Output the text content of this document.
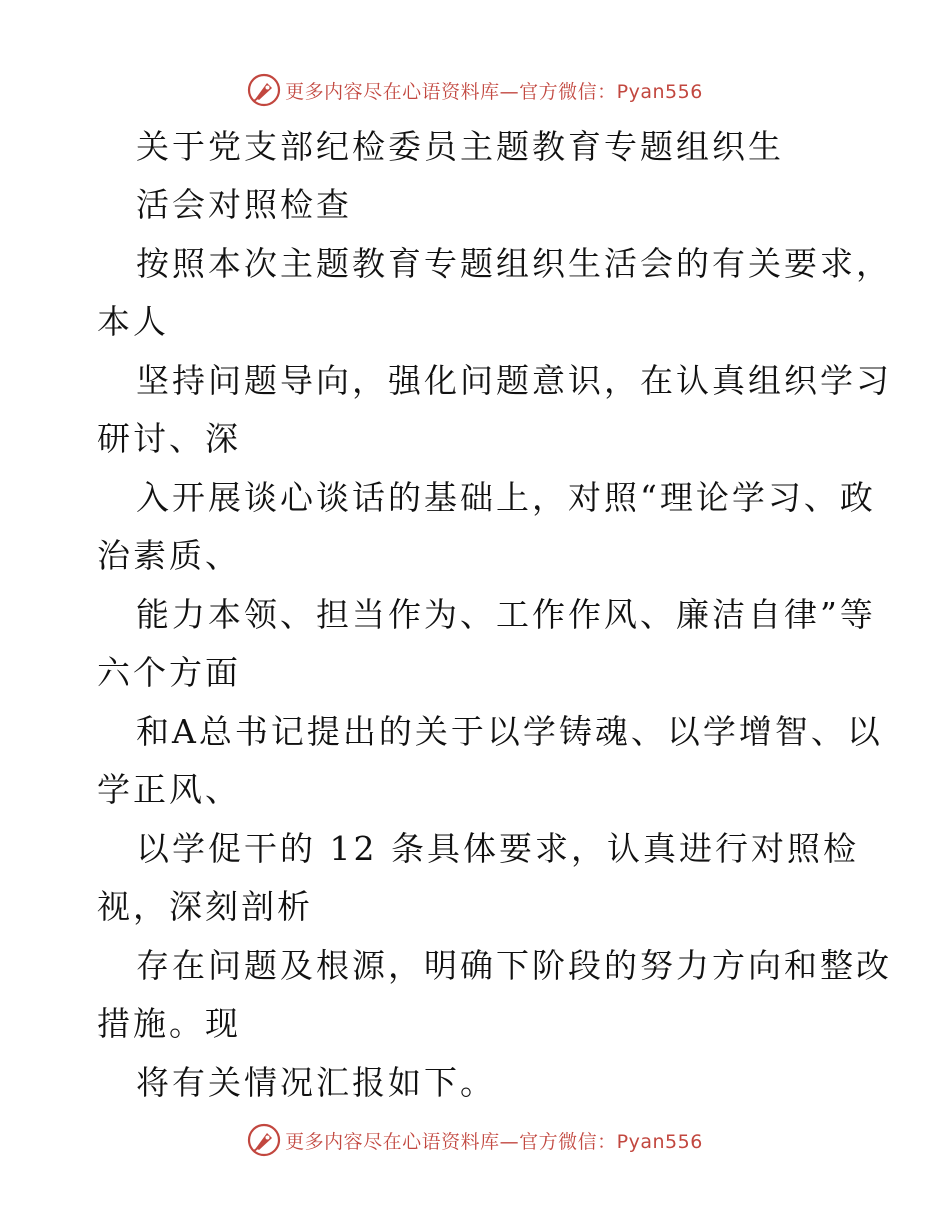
更多内容尽在心语资料库—官方微信：Pyan556
关于党支部纪检委员主题教育专题组织生
活会对照检查
按照本次主题教育专题组织生活会的有关要求，
本人
坚持问题导向，强化问题意识，在认真组织学习
研讨、深
入开展谈心谈话的基础上，对照“理论学习、政
治素质、
能力本领、担当作为、工作作风、廉洁自律”等
六个方面
和A总书记提出的关于以学铸魂、以学增智、以
学正风、
以学促干的 12 条具体要求，认真进行对照检
视，深刻剖析
存在问题及根源，明确下阶段的努力方向和整改
措施。现
将有关情况汇报如下。
更多内容尽在心语资料库—官方微信：Pyan556
